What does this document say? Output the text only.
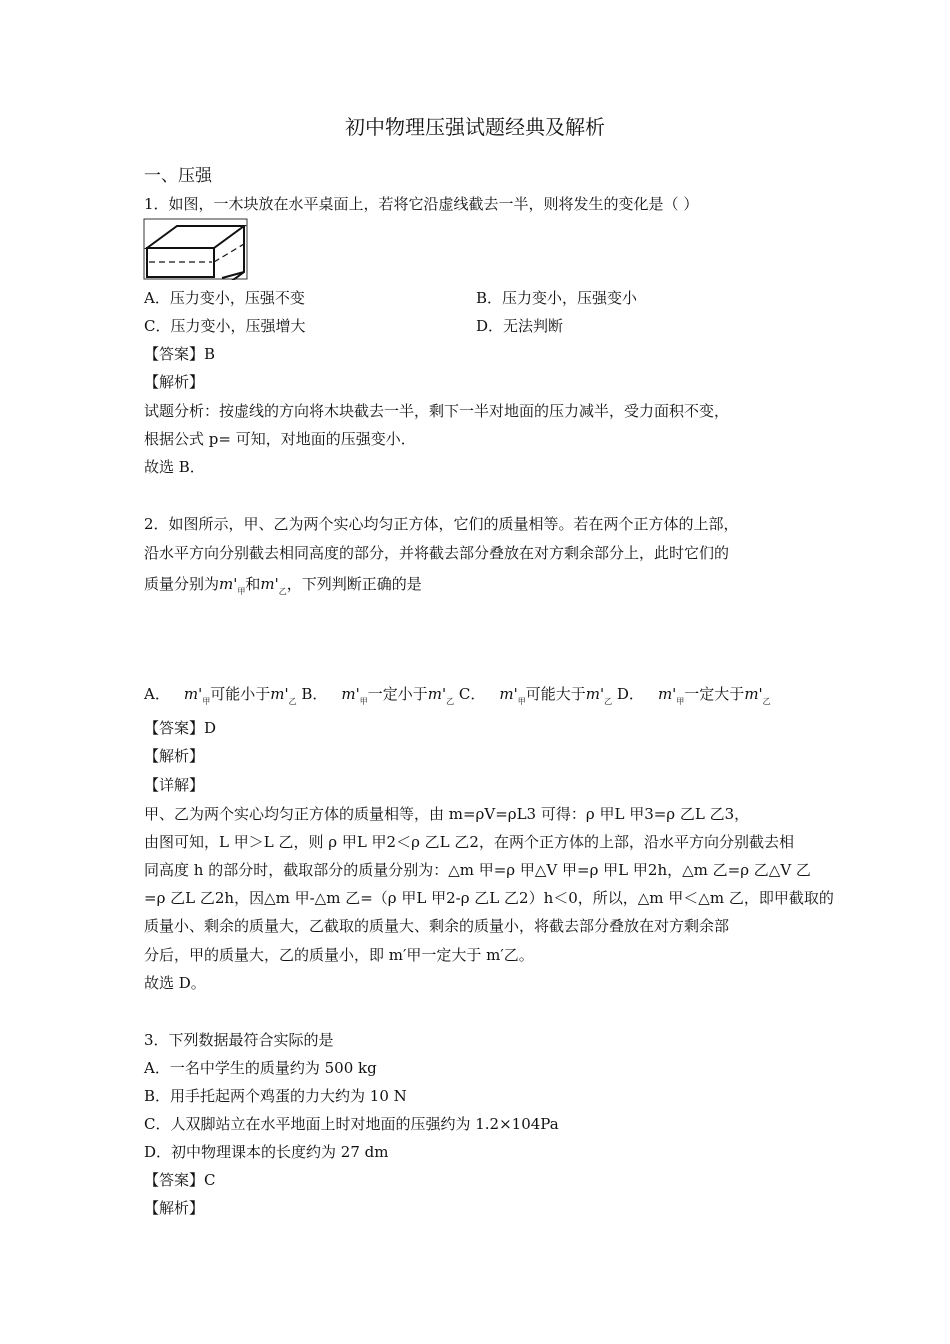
初中物理压强试题经典及解析
一、压强
1．如图，一木块放在水平桌面上，若将它沿虚线截去一半，则将发生的变化是（ ）
A．压力变小，压强不变	B．压力变小，压强变小
C．压力变小，压强增大	D．无法判断
【答案】B
【解析】
试题分析：按虚线的方向将木块截去一半，剩下一半对地面的压力减半，受力面积不变，
根据公式 p= 可知，对地面的压强变小．
故选 B．
2．如图所示，甲、乙为两个实心均匀正方体，它们的质量相等。若在两个正方体的上部，
沿水平方向分别截去相同高度的部分，并将截去部分叠放在对方剩余部分上，此时它们的
质量分别为$m'_甲$和$m'_乙$，下列判断正确的是
A． $m'_甲$可能小于$m'_乙$ B． $m'_甲$一定小于$m'_乙$ C． $m'_甲$可能大于$m'_乙$ D． $m'_甲$一定大于$m'_乙$
【答案】D
【解析】
【详解】
甲、乙为两个实心均匀正方体的质量相等，由 m=ρV=ρL3 可得：ρ 甲L 甲3=ρ 乙L 乙3，
由图可知，L 甲＞L 乙，则 ρ 甲L 甲2＜ρ 乙L 乙2，在两个正方体的上部，沿水平方向分别截去相
同高度 h 的部分时，截取部分的质量分别为：△m 甲=ρ 甲△V 甲=ρ 甲L 甲2h，△m 乙=ρ 乙△V 乙
=ρ 乙L 乙2h，因△m 甲-△m 乙=（ρ 甲L 甲2-ρ 乙L 乙2）h＜0，所以，△m 甲＜△m 乙，即甲截取的
质量小、剩余的质量大，乙截取的质量大、剩余的质量小，将截去部分叠放在对方剩余部
分后，甲的质量大，乙的质量小，即 m′甲一定大于 m′乙。
故选 D。
3．下列数据最符合实际的是
A．一名中学生的质量约为 500 kg
B．用手托起两个鸡蛋的力大约为 10 N
C．人双脚站立在水平地面上时对地面的压强约为 1.2×104Pa
D．初中物理课本的长度约为 27 dm
【答案】C
【解析】
